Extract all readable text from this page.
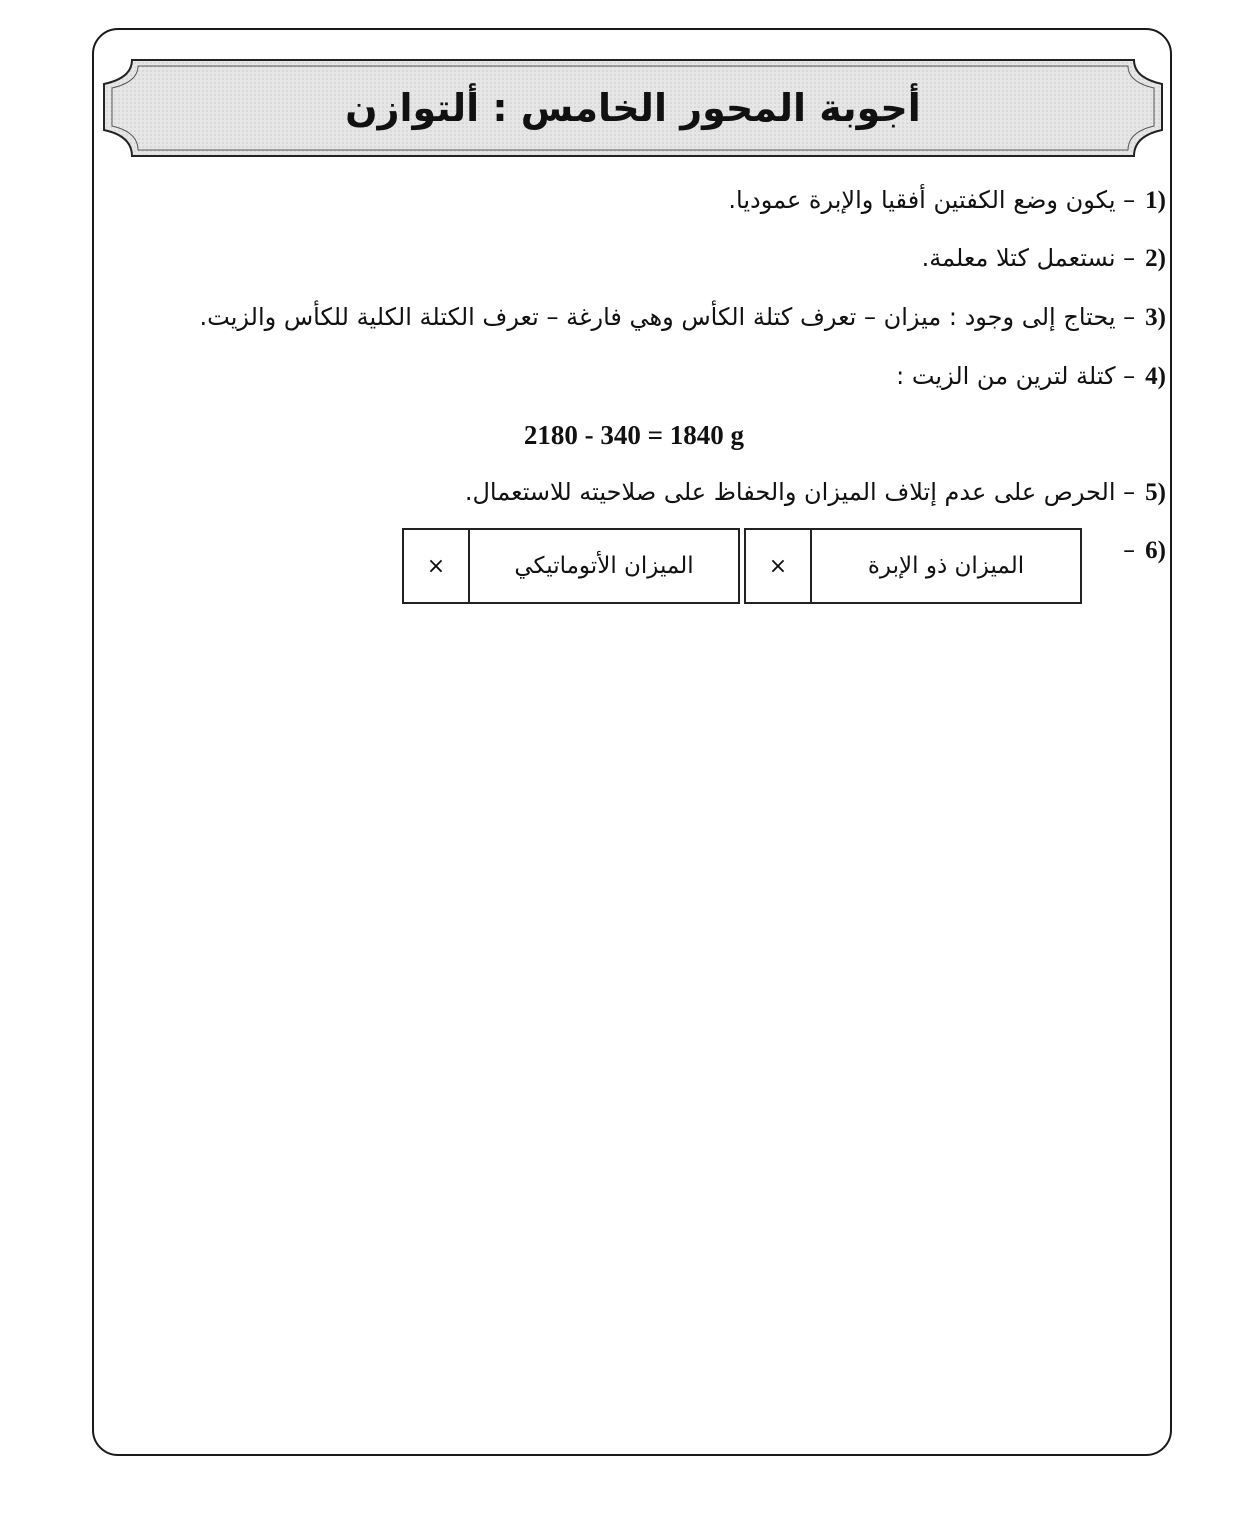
أجوبة المحور الخامس : ألتوازن
(1– يكون وضع الكفتين أفقيا والإبرة عموديا.
(2– نستعمل كتلا معلمة.
(3– يحتاج إلى وجود : ميزان – تعرف كتلة الكأس وهي فارغة – تعرف الكتلة الكلية للكأس والزيت.
(4– كتلة لترين من الزيت :
2180 - 340 = 1840 g
(5– الحرص على عدم إتلاف الميزان والحفاظ على صلاحيته للاستعمال.
(6–
الميزان ذو الإبرة	×
الميزان الأتوماتيكي	×
